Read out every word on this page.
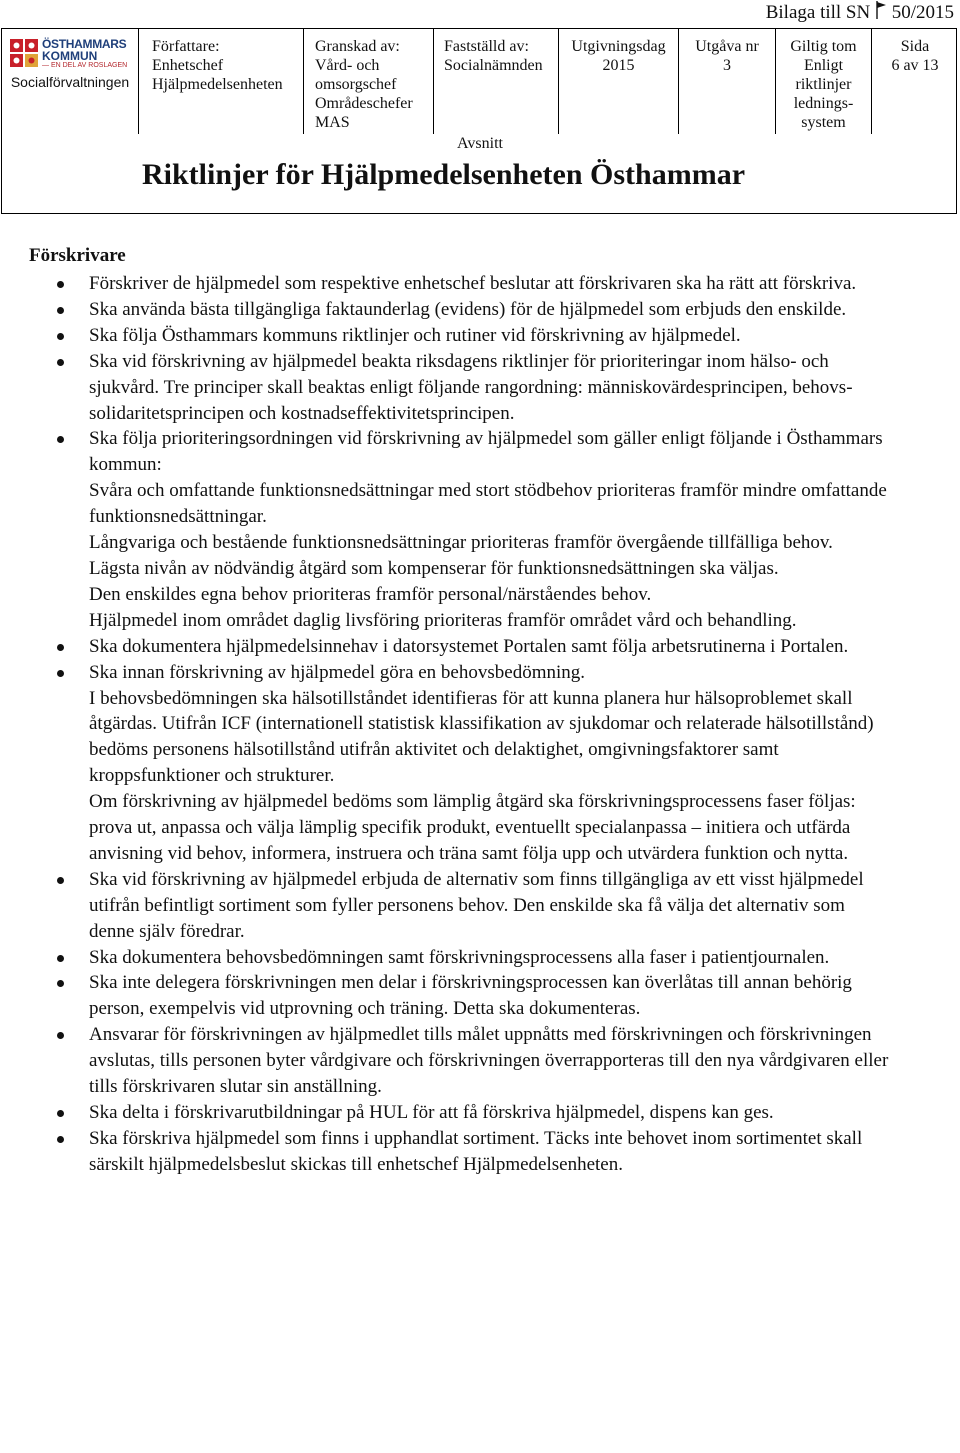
Bilaga till SN 50/2015
ÖSTHAMMARS
KOMMUN
— EN DEL AV ROSLAGEN
Socialförvaltningen
Författare:
Enhetschef
Hjälpmedelsenheten
Granskad av:
Vård- och
omsorgschef
Områdeschefer
MAS
Fastställd av:
Socialnämnden
Utgivningsdag
2015
Utgåva nr
3
Giltig tom
Enligt
riktlinjer
lednings-
system
Sida
6 av 13
Avsnitt
Riktlinjer för Hjälpmedelsenheten Östhammar
Förskrivare
Förskriver de hjälpmedel som respektive enhetschef beslutar att förskrivaren ska ha rätt att förskriva.
Ska använda bästa tillgängliga faktaunderlag (evidens) för de hjälpmedel som erbjuds den enskilde.
Ska följa Östhammars kommuns riktlinjer och rutiner vid förskrivning av hjälpmedel.
Ska vid förskrivning av hjälpmedel beakta riksdagens riktlinjer för prioriteringar inom hälso- och sjukvård. Tre principer skall beaktas enligt följande rangordning: människovärdesprincipen, behovs-solidaritetsprincipen och kostnadseffektivitetsprincipen.
Ska följa prioriteringsordningen vid förskrivning av hjälpmedel som gäller enligt följande i Östhammars kommun:
Svåra och omfattande funktionsnedsättningar med stort stödbehov prioriteras framför mindre omfattande funktionsnedsättningar.
Långvariga och bestående funktionsnedsättningar prioriteras framför övergående tillfälliga behov.
Lägsta nivån av nödvändig åtgärd som kompenserar för funktionsnedsättningen ska väljas.
Den enskildes egna behov prioriteras framför personal/närståendes behov.
Hjälpmedel inom området daglig livsföring prioriteras framför området vård och behandling.
Ska dokumentera hjälpmedelsinnehav i datorsystemet Portalen samt följa arbetsrutinerna i Portalen.
Ska innan förskrivning av hjälpmedel göra en behovsbedömning.
I behovsbedömningen ska hälsotillståndet identifieras för att kunna planera hur hälsoproblemet skall åtgärdas. Utifrån ICF (internationell statistisk klassifikation av sjukdomar och relaterade hälsotillstånd) bedöms personens hälsotillstånd utifrån aktivitet och delaktighet, omgivningsfaktorer samt kroppsfunktioner och strukturer.
Om förskrivning av hjälpmedel bedöms som lämplig åtgärd ska förskrivningsprocessens faser följas: prova ut, anpassa och välja lämplig specifik produkt, eventuellt specialanpassa – initiera och utfärda anvisning vid behov, informera, instruera och träna samt följa upp och utvärdera funktion och nytta.
Ska vid förskrivning av hjälpmedel erbjuda de alternativ som finns tillgängliga av ett visst hjälpmedel utifrån befintligt sortiment som fyller personens behov. Den enskilde ska få välja det alternativ som denne själv föredrar.
Ska dokumentera behovsbedömningen samt förskrivningsprocessens alla faser i patientjournalen.
Ska inte delegera förskrivningen men delar i förskrivningsprocessen kan överlåtas till annan behörig person, exempelvis vid utprovning och träning. Detta ska dokumenteras.
Ansvarar för förskrivningen av hjälpmedlet tills målet uppnåtts med förskrivningen och förskrivningen avslutas, tills personen byter vårdgivare och förskrivningen överrapporteras till den nya vårdgivaren eller tills förskrivaren slutar sin anställning.
Ska delta i förskrivarutbildningar på HUL för att få förskriva hjälpmedel, dispens kan ges.
Ska förskriva hjälpmedel som finns i upphandlat sortiment. Täcks inte behovet inom sortimentet skall särskilt hjälpmedelsbeslut skickas till enhetschef Hjälpmedelsenheten.
